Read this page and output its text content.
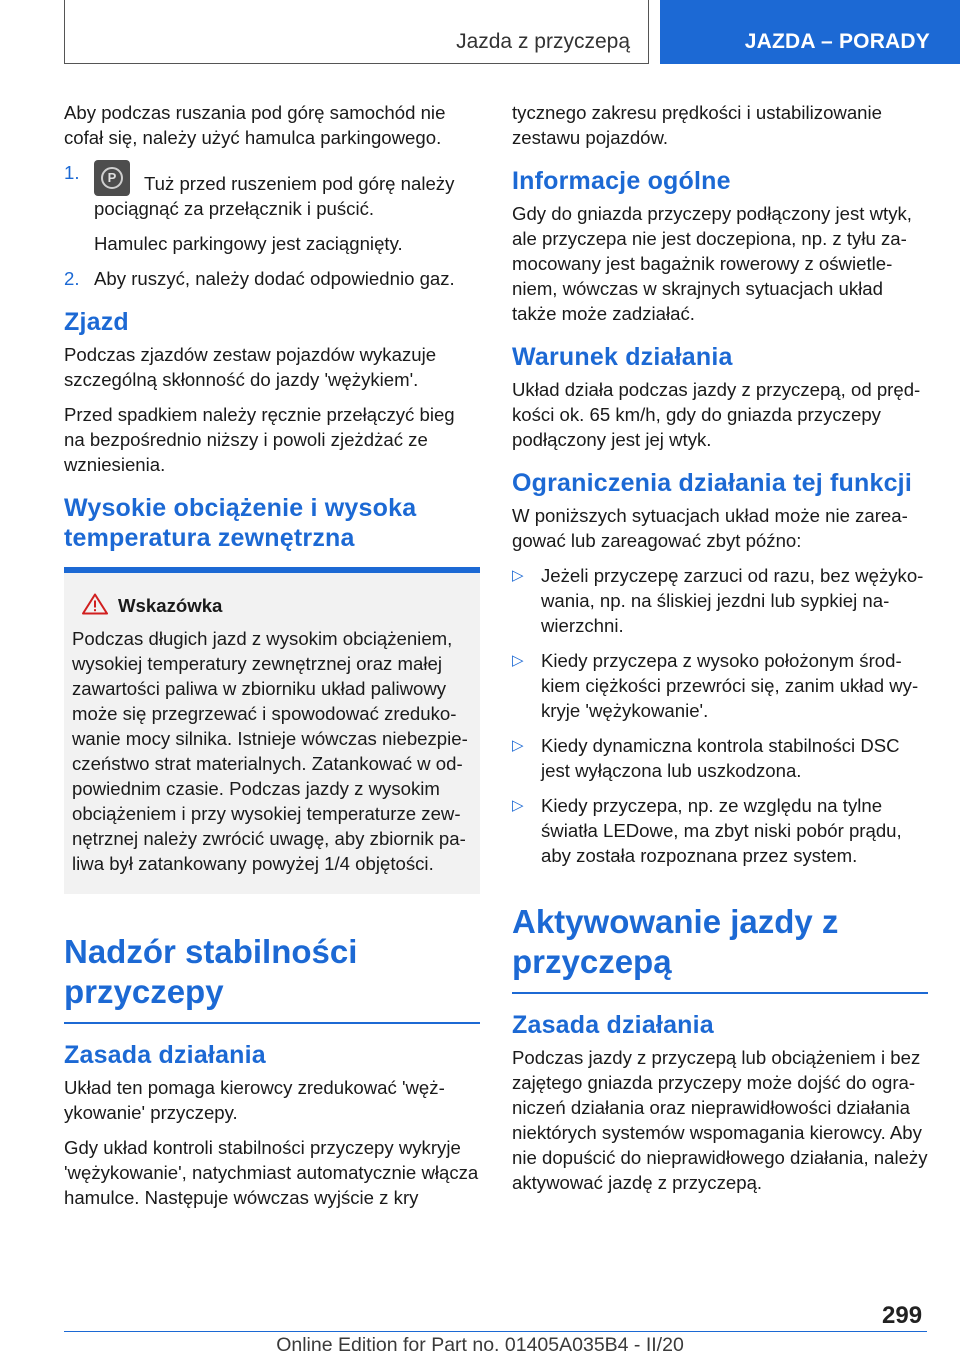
Jazda z przyczepą	JAZDA – PORADY

Aby podczas ruszania pod górę samochód nie cofał się, należy użyć hamulca parkingowego.

1.	P	Tuż przed ruszeniem pod górę należy pociągnąć za przełącznik i puścić.
Hamulec parkingowy jest zaciągnięty.
2. Aby ruszyć, należy dodać odpowiednio gaz.
Zjazd

Podczas zjazdów zestaw pojazdów wykazuje szczególną skłonność do jazdy 'wężykiem'.

Przed spadkiem należy ręcznie przełączyć bieg na bezpośrednio niższy i powoli zjeżdżać ze wzniesienia.

Wysokie obciążenie i wysoka temperatura zewnętrzna
Wskazówka

Podczas długich jazd z wysokim obciążeniem, wysokiej temperatury zewnętrznej oraz małej zawartości paliwa w zbiorniku układ paliwowy może się przegrzewać i spowodować zredukowanie mocy silnika. Istnieje wówczas niebezpieczeństwo strat materialnych. Zatankować w odpowiednim czasie. Podczas jazdy z wysokim obciążeniem i przy wysokiej temperaturze zewnętrznej należy zwrócić uwagę, aby zbiornik paliwa był zatankowany powyżej 1/4 objętości.

Nadzór stabilności przyczepy
Zasada działania

Układ ten pomaga kierowcy zredukować 'wężykowanie' przyczepy.

Gdy układ kontroli stabilności przyczepy wykryje 'wężykowanie', natychmiast automatycznie włącza hamulce. Następuje wówczas wyjście z kry

tycznego zakresu prędkości i ustabilizowanie zestawu pojazdów.

Informacje ogólne

Gdy do gniazda przyczepy podłączony jest wtyk, ale przyczepa nie jest doczepiona, np. z tyłu zamocowany jest bagażnik rowerowy z oświetleniem, wówczas w skrajnych sytuacjach układ także może zadziałać.

Warunek działania

Układ działa podczas jazdy z przyczepą, od prędkości ok. 65 km/h, gdy do gniazda przyczepy podłączony jest jej wtyk.

Ograniczenia działania tej funkcji

W poniższych sytuacjach układ może nie zareagować lub zareagować zbyt późno:

▷ Jeżeli przyczepę zarzuci od razu, bez wężykowania, np. na śliskiej jezdni lub sypkiej nawierzchni.
▷ Kiedy przyczepa z wysoko położonym środkiem ciężkości przewróci się, zanim układ wykryje 'wężykowanie'.
▷ Kiedy dynamiczna kontrola stabilności DSC jest wyłączona lub uszkodzona.
▷ Kiedy przyczepa, np. ze względu na tylne światła LEDowe, ma zbyt niski pobór prądu, aby została rozpoznana przez system.
Aktywowanie jazdy z przyczepą
Zasada działania

Podczas jazdy z przyczepą lub obciążeniem i bez zajętego gniazda przyczepy może dojść do ograniczeń działania oraz nieprawidłowości działania niektórych systemów wspomagania kierowcy. Aby nie dopuścić do nieprawidłowego działania, należy aktywować jazdę z przyczepą.

299
Online Edition for Part no. 01405A035B4 - II/20
